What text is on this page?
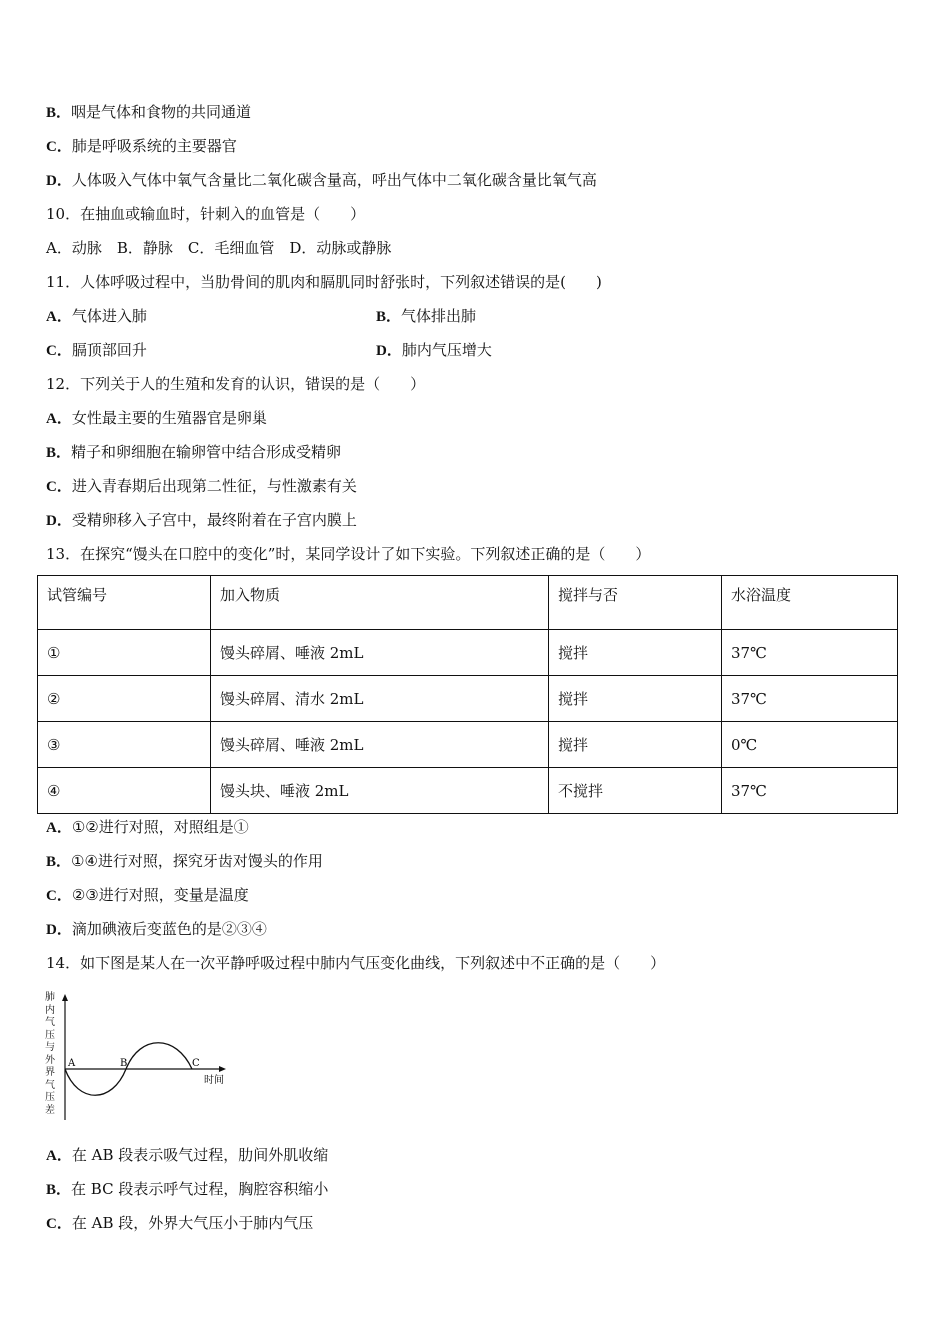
B．咽是气体和食物的共同通道
C．肺是呼吸系统的主要器官
D．人体吸入气体中氧气含量比二氧化碳含量高，呼出气体中二氧化碳含量比氧气高
10．在抽血或输血时，针刺入的血管是（　　）
A．动脉　B．静脉　C．毛细血管　D．动脉或静脉
11．人体呼吸过程中，当肋骨间的肌肉和膈肌同时舒张时，下列叙述错误的是(　　)
A．气体进入肺	B．气体排出肺
C．膈顶部回升	D．肺内气压增大
12．下列关于人的生殖和发育的认识，错误的是（　　）
A．女性最主要的生殖器官是卵巢
B．精子和卵细胞在输卵管中结合形成受精卵
C．进入青春期后出现第二性征，与性激素有关
D．受精卵移入子宫中，最终附着在子宫内膜上
13．在探究“馒头在口腔中的变化”时，某同学设计了如下实验。下列叙述正确的是（　　）
试管编号	加入物质	搅拌与否	水浴温度
①	馒头碎屑、唾液 2mL	搅拌	37℃
②	馒头碎屑、清水 2mL	搅拌	37℃
③	馒头碎屑、唾液 2mL	搅拌	0℃
④	馒头块、唾液 2mL	不搅拌	37℃
A．①②进行对照，对照组是①
B．①④进行对照，探究牙齿对馒头的作用
C．②③进行对照，变量是温度
D．滴加碘液后变蓝色的是②③④
14．如下图是某人在一次平静呼吸过程中肺内气压变化曲线，下列叙述中不正确的是（　　）
肺
内
气
压
与
外
界
气
压
差
A	B	C
时间
A．在 AB 段表示吸气过程，肋间外肌收缩
B．在 BC 段表示呼气过程，胸腔容积缩小
C．在 AB 段，外界大气压小于肺内气压
